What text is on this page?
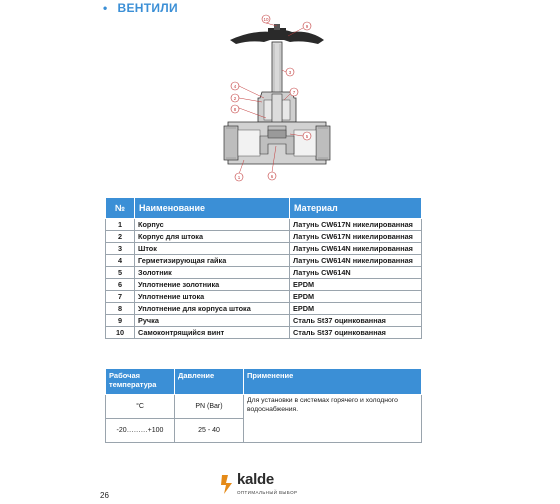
• ВЕНТИЛИ
10
9
3
4
2
7
8
5
1	6
№	Наименование	Материал
1	Корпус	Латунь CW617N никелированная
2	Корпус для штока	Латунь CW617N никелированная
3	Шток	Латунь CW614N никелированная
4	Герметизирующая гайка	Латунь CW614N никелированная
5	Золотник	Латунь CW614N
6	Уплотнение золотника	EPDM
7	Уплотнение штока	EPDM
8	Уплотнение для корпуса штока	EPDM
9	Ручка	Сталь St37 оцинкованная
10	Самоконтрящийся винт	Сталь St37 оцинкованная
Рабочая температура	Давление	Применение
°C	PN (Bar)	Для установки в системах горячего и холодного водоснабжения.
-20………+100	25 - 40	
26
kalde
ОПТИМАЛЬНЫЙ ВЫБОР
